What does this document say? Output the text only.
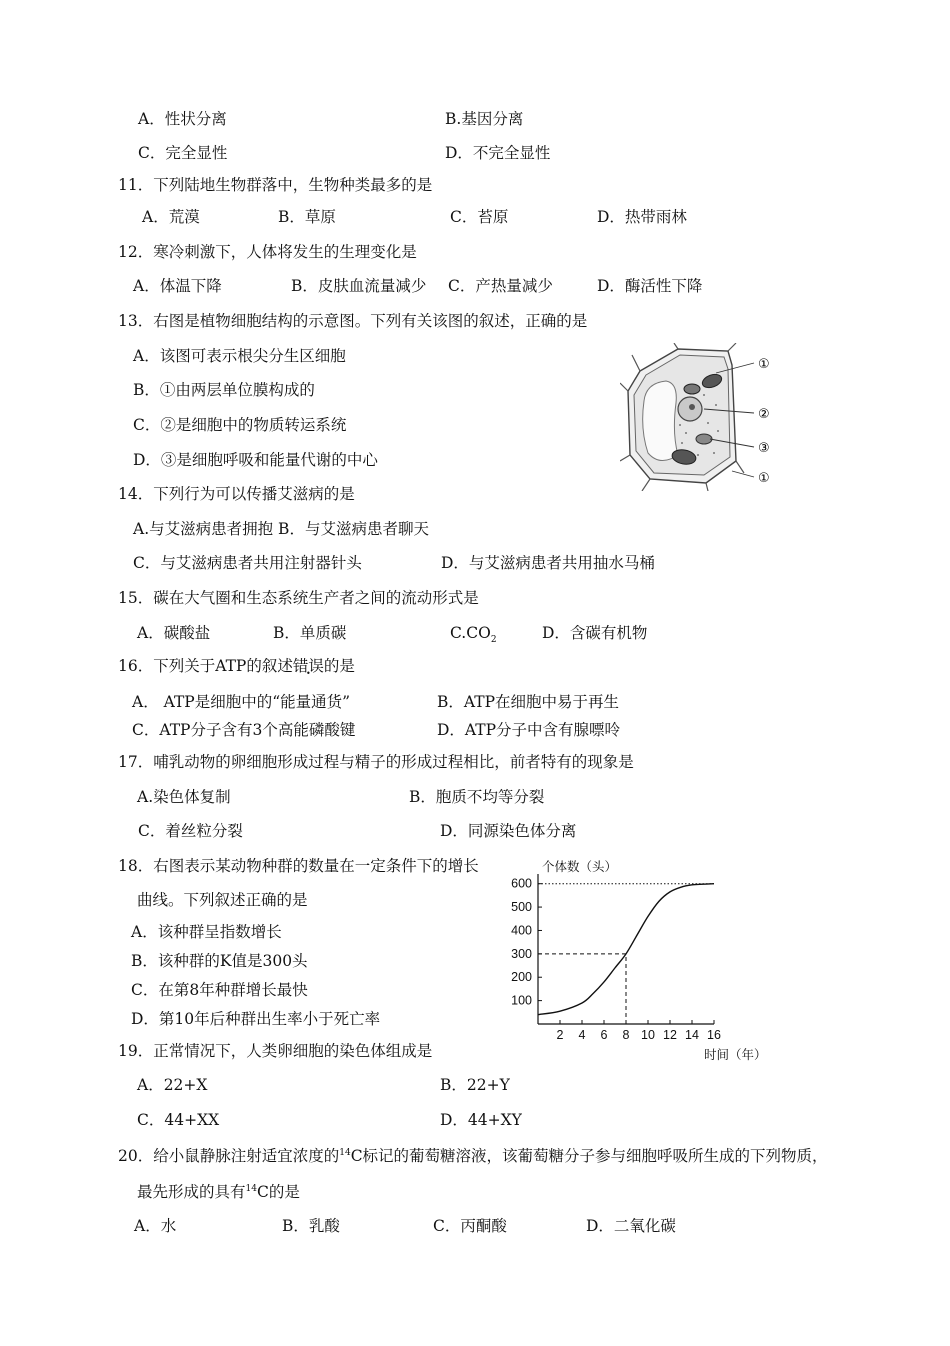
A．性状分离	B.基因分离
C．完全显性	D．不完全显性
11．下列陆地生物群落中，生物种类最多的是
A．荒漠	B．草原	C．苔原	D．热带雨林
12．寒冷刺激下，人体将发生的生理变化是
A．体温下降	B．皮肤血流量减少 C．产热量减少	D．酶活性下降
13．右图是植物细胞结构的示意图。下列有关该图的叙述，正确的是
A．该图可表示根尖分生区细胞
B．①由两层单位膜构成的
C．②是细胞中的物质转运系统
D．③是细胞呼吸和能量代谢的中心
①
②
③
①
14．下列行为可以传播艾滋病的是
A.与艾滋病患者拥抱 B．与艾滋病患者聊天
C．与艾滋病患者共用注射器针头	D．与艾滋病患者共用抽水马桶
15．碳在大气圈和生态系统生产者之间的流动形式是
A．碳酸盐	B．单质碳	$C.CO_2$	D．含碳有机物
16．下列关于ATP的叙述错误的是
A． ATP是细胞中的“能量通货”	B．ATP在细胞中易于再生
C．ATP分子含有3个高能磷酸键	D．ATP分子中含有腺嘌呤
17．哺乳动物的卵细胞形成过程与精子的形成过程相比，前者特有的现象是
A.染色体复制	B．胞质不均等分裂
C．着丝粒分裂	D．同源染色体分离
18．右图表示某动物种群的数量在一定条件下的增长
曲线。下列叙述正确的是
A．该种群呈指数增长
B．该种群的K值是300头
C．在第8年种群增长最快
D．第10年后种群出生率小于死亡率
2 4 6 8 10 12 14 16
100
200
300
400
500
600
个体数（头）
时间（年）
19．正常情况下，人类卵细胞的染色体组成是
A．22+X	B．22+Y
C．44+XX	D．44+XY
20．给小鼠静脉注射适宜浓度的$^{14}$C标记的葡萄糖溶液，该葡萄糖分子参与细胞呼吸所生成的下列物质，
最先形成的具有$^{14}$C的是
A．水	B．乳酸	C．丙酮酸	D．二氧化碳
